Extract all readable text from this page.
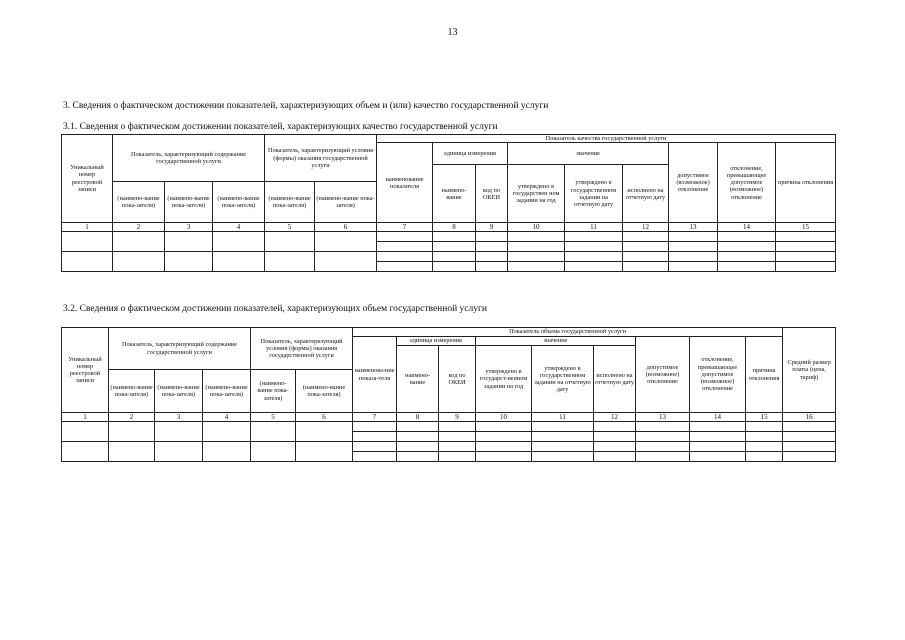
13
3. Сведения о фактическом достижении показателей, характеризующих объем и (или) качество государственной услуги
3.1. Сведения о фактическом достижении показателей, характеризующих качество государственной услуги
Уникальный номер реестровой записи	Показатель, характеризующий содержание государственной услуги			Показатель, характеризующий условия (формы) оказания государственной услуги		Показатель качества государственной услуги								
						наименование показателя	единица измерения		значение			допустимое (возможное) отклонение	отклонение, превышающее допустимое (возможное) отклонение	причина отклонения
							наимено-вание	код по ОКЕИ	утверждено в государствен ном задании на год	утверждено в государственном задании на отчетную дату	исполнено на отчетную дату			
	(наимено-вание пока-зателя)	(наимено-вание пока-зателя)	(наимено-вание пока-зателя)	(наимено-вание пока-зателя)	(наимено-вание пока-зателя)									
1	2	3	4	5	6	7	8	9	10	11	12	13	14	15

3.2. Сведения о фактическом достижении показателей, характеризующих объем государственной услуги
Уникальный номер реестровой записи	Показатель, характеризующий содержание государственной услуги			Показатель, характеризующий условия (формы) оказания государственной услуги		Показатель объема государственной услуги									Средний размер платы (цена, тариф)
						наименова-ние показа-теля	единица измерения		значение			допустимое (возможное) отклонение	отклонение, превышающее допустимое (возможное) отклонение	причина отклонения	
							наимено-вание	код по ОКЕИ	утверждено в государст-венном задании на год	утверждено в государственном задании на отчетную дату	исполнено на отчетную дату				
	(наимено-вание пока-зателя)	(наимено-вание пока-зателя)	(наимено-вание пока-зателя)	(наимено-вание пока-зателя)	(наимено-вание пока-зателя)										
1	2	3	4	5	6	7	8	9	10	11	12	13	14	15	16
